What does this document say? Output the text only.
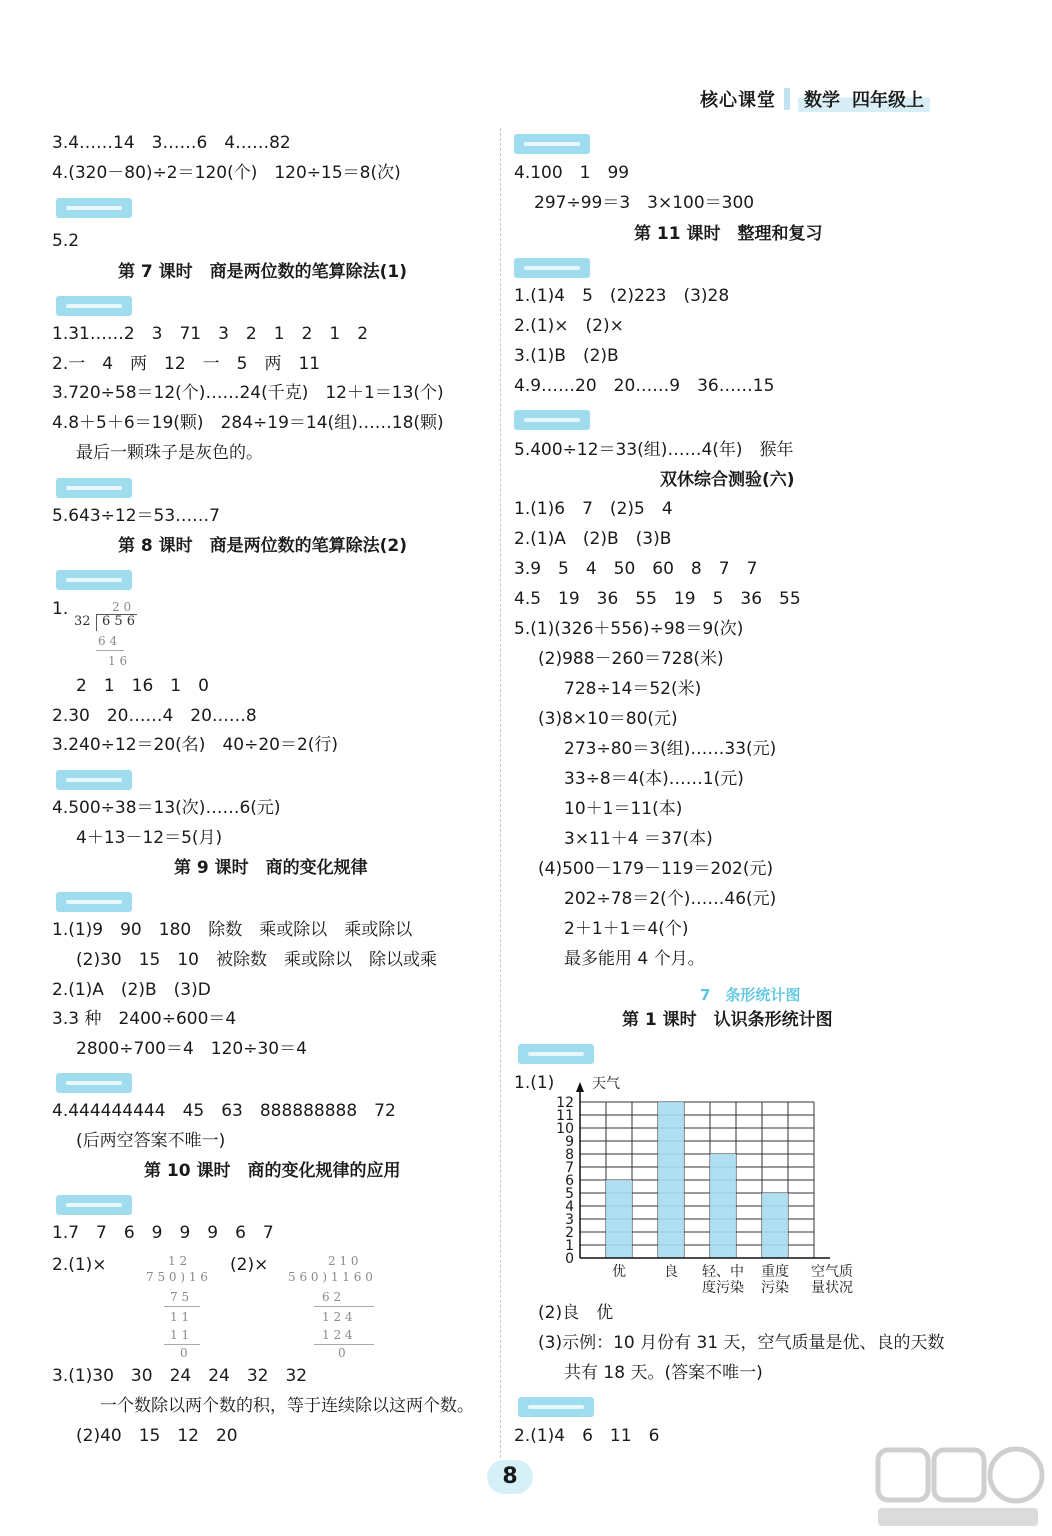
核心课堂	数学 四年级上
3.4……14　3……6　4……82
4.(320－80)÷2＝120(个)　120÷15＝8(次)
5.2
第 7 课时　商是两位数的笔算除法(1)
1.31……2　3　71　3　2　1　2　1　2
2.一　4　两　12　一　5　两　11
3.720÷58＝12(个)……24(千克)　12＋1＝13(个)
4.8＋5＋6＝19(颗)　284÷19＝14(组)……18(颗)
最后一颗珠子是灰色的。
5.643÷12＝53……7
第 8 课时　商是两位数的笔算除法(2)
1.	2 0
32 6 5 6
6 4
1 6
2　1　16　1　0
2.30　20……4　20……8
3.240÷12＝20(名)　40÷20＝2(行)
4.500÷38＝13(次)……6(元)
4＋13－12＝5(月)
第 9 课时　商的变化规律
1.(1)9　90　180　除数　乘或除以　乘或除以
(2)30　15　10　被除数　乘或除以　除以或乘
2.(1)A　(2)B　(3)D
3.3 种　2400÷600＝4
2800÷700＝4　120÷30＝4
4.444444444　45　63　888888888　72
(后两空答案不唯一)
第 10 课时　商的变化规律的应用
1.7　7　6　9　9　9　6　7
2.(1)×	1 2
7 5 0 ) 1 6
7 5
1 1
1 1
0
(2)×	2 1 0
5 6 0 ) 1 1 6 0
6 2
1 2 4
1 2 4
0
3.(1)30　30　24　24　32　32
一个数除以两个数的积，等于连续除以这两个数。
(2)40　15　12　20
4.100　1　99
297÷99＝3　3×100＝300
第 11 课时　整理和复习
1.(1)4　5　(2)223　(3)28
2.(1)×　(2)×
3.(1)B　(2)B
4.9……20　20……9　36……15
5.400÷12＝33(组)……4(年)　猴年
双休综合测验(六)
1.(1)6　7　(2)5　4
2.(1)A　(2)B　(3)B
3.9　5　4　50　60　8　7　7
4.5　19　36　55　19　5　36　55
5.(1)(326＋556)÷98＝9(次)
(2)988－260＝728(米)
728÷14＝52(米)
(3)8×10＝80(元)
273÷80＝3(组)……33(元)
33÷8＝4(本)……1(元)
10＋1＝11(本)
3×11＋4 ＝37(本)
(4)500－179－119＝202(元)
202÷78＝2(个)……46(元)
2＋1＋1＝4(个)
最多能用 4 个月。
7　条形统计图
第 1 课时　认识条形统计图
1.(1)
0
1
2
3
4
5
6
7
8
9
10
11
12
天气
优	良 轻、中
度污染
重度
污染
空气质
量状况
(2)良　优
(3)示例：10 月份有 31 天，空气质量是优、良的天数
共有 18 天。(答案不唯一)
2.(1)4　6　11　6
8
